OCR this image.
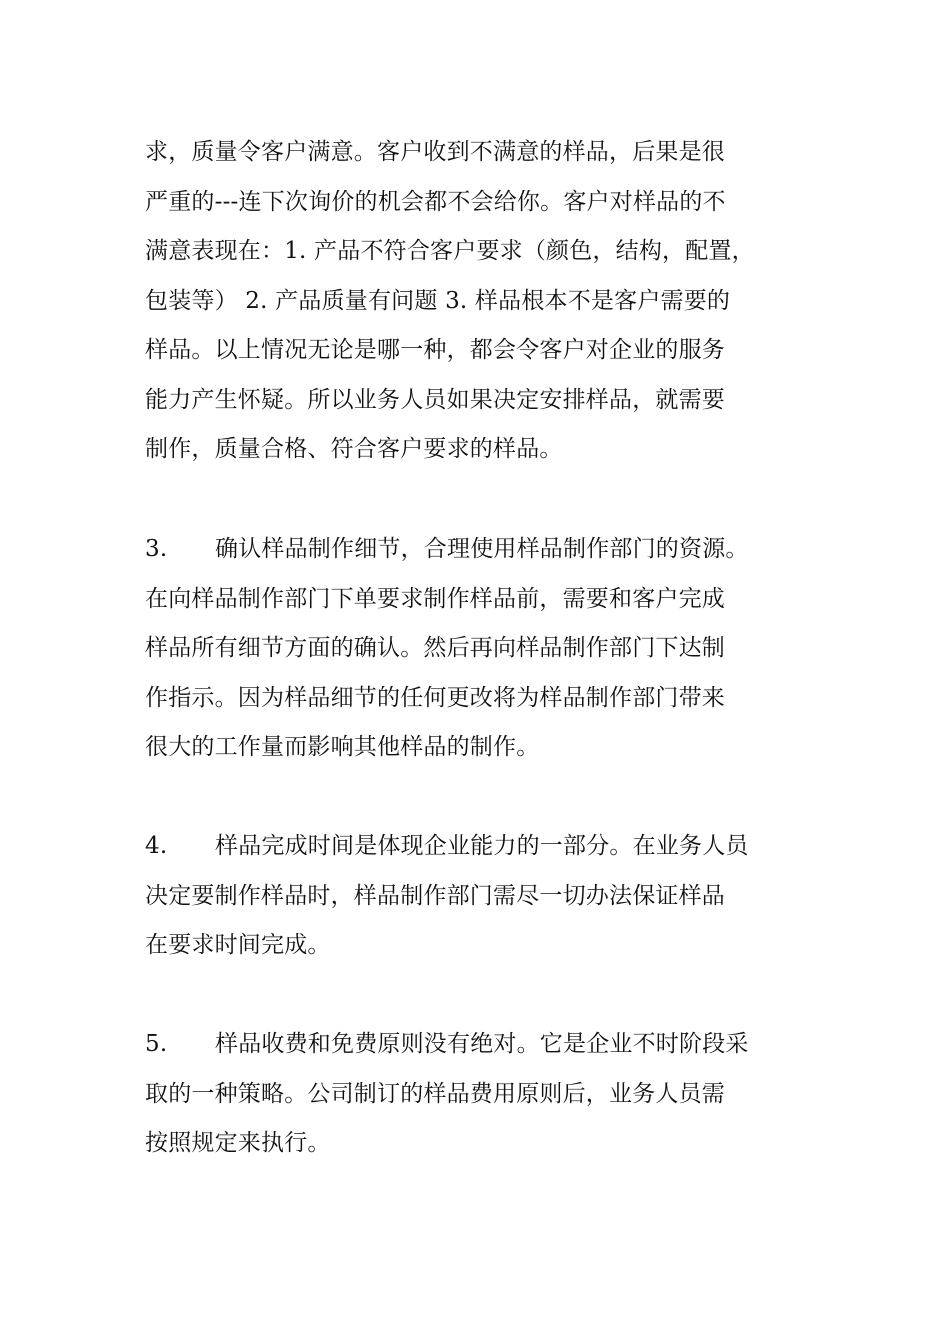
求，质量令客户满意。客户收到不满意的样品，后果是很
严重的---连下次询价的机会都不会给你。客户对样品的不
满意表现在：1. 产品不符合客户要求（颜色，结构，配置，
包装等） 2. 产品质量有问题 3. 样品根本不是客户需要的
样品。以上情况无论是哪一种，都会令客户对企业的服务
能力产生怀疑。所以业务人员如果决定安排样品，就需要
制作，质量合格、符合客户要求的样品。
3. 确认样品制作细节，合理使用样品制作部门的资源。
在向样品制作部门下单要求制作样品前，需要和客户完成
样品所有细节方面的确认。然后再向样品制作部门下达制
作指示。因为样品细节的任何更改将为样品制作部门带来
很大的工作量而影响其他样品的制作。
4. 样品完成时间是体现企业能力的一部分。在业务人员
决定要制作样品时，样品制作部门需尽一切办法保证样品
在要求时间完成。
5. 样品收费和免费原则没有绝对。它是企业不时阶段采
取的一种策略。公司制订的样品费用原则后，业务人员需
按照规定来执行。
